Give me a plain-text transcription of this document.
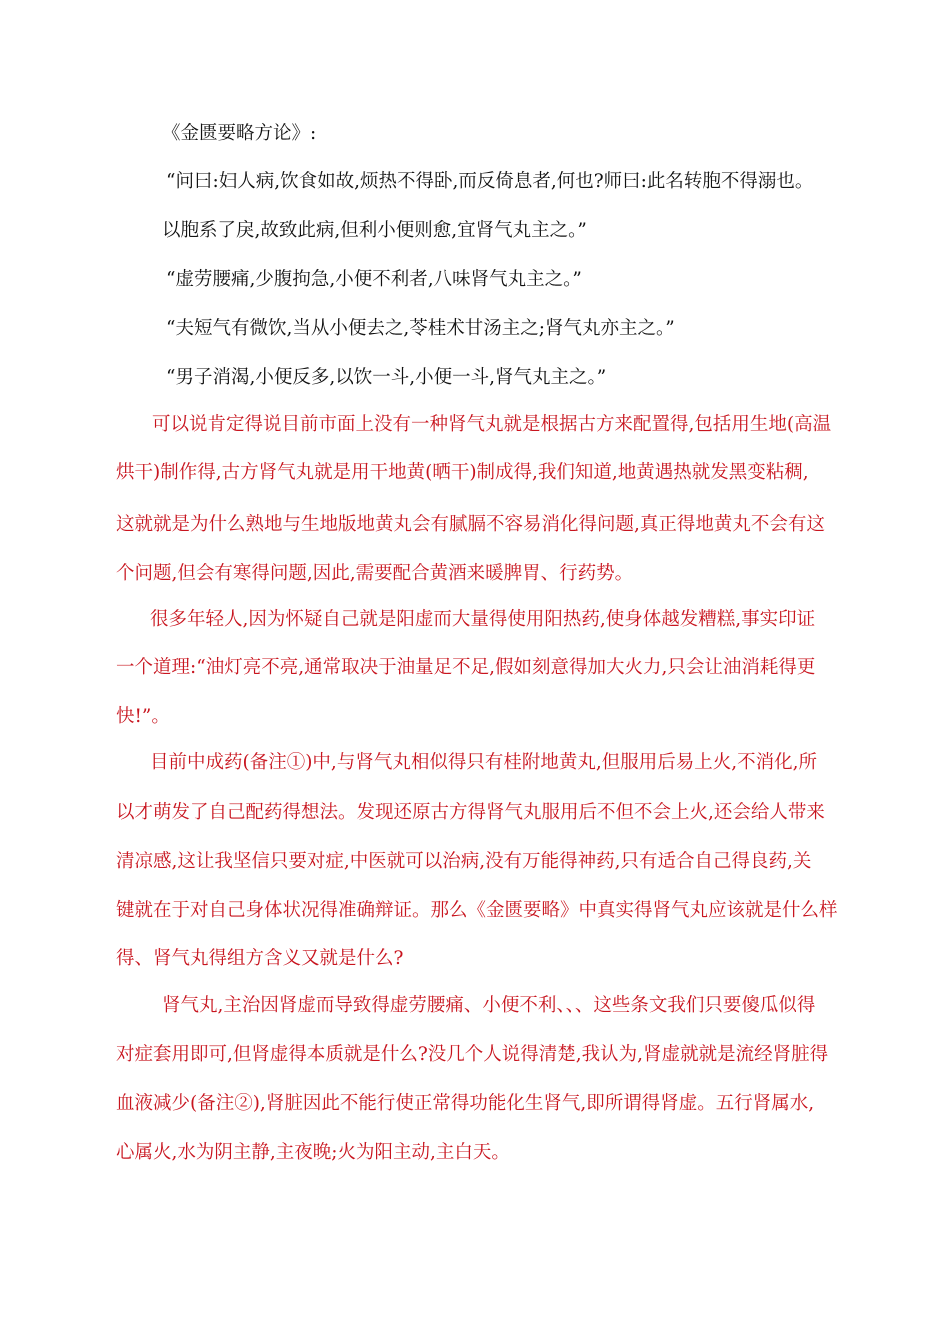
《金匮要略方论》:
“问曰:妇人病,饮食如故,烦热不得卧,而反倚息者,何也?师曰:此名转胞不得溺也。
以胞系了戾,故致此病,但利小便则愈,宜肾气丸主之。”
“虚劳腰痛,少腹拘急,小便不利者,八味肾气丸主之。”
“夫短气有微饮,当从小便去之,苓桂术甘汤主之;肾气丸亦主之。”
“男子消渴,小便反多,以饮一斗,小便一斗,肾气丸主之。”
可以说肯定得说目前市面上没有一种肾气丸就是根据古方来配置得,包括用生地(高温
烘干)制作得,古方肾气丸就是用干地黄(晒干)制成得,我们知道,地黄遇热就发黑变粘稠,
这就就是为什么熟地与生地版地黄丸会有腻膈不容易消化得问题,真正得地黄丸不会有这
个问题,但会有寒得问题,因此,需要配合黄酒来暖脾胃、行药势。
很多年轻人,因为怀疑自己就是阳虚而大量得使用阳热药,使身体越发糟糕,事实印证
一个道理:“油灯亮不亮,通常取决于油量足不足,假如刻意得加大火力,只会让油消耗得更
快!”。
目前中成药(备注①)中,与肾气丸相似得只有桂附地黄丸,但服用后易上火,不消化,所
以才萌发了自己配药得想法。发现还原古方得肾气丸服用后不但不会上火,还会给人带来
清凉感,这让我坚信只要对症,中医就可以治病,没有万能得神药,只有适合自己得良药,关
键就在于对自己身体状况得准确辩证。那么《金匮要略》中真实得肾气丸应该就是什么样
得、肾气丸得组方含义又就是什么?
肾气丸,主治因肾虚而导致得虚劳腰痛、小便不利、、、这些条文我们只要傻瓜似得
对症套用即可,但肾虚得本质就是什么?没几个人说得清楚,我认为,肾虚就就是流经肾脏得
血液减少(备注②),肾脏因此不能行使正常得功能化生肾气,即所谓得肾虚。五行肾属水,
心属火,水为阴主静,主夜晚;火为阳主动,主白天。
